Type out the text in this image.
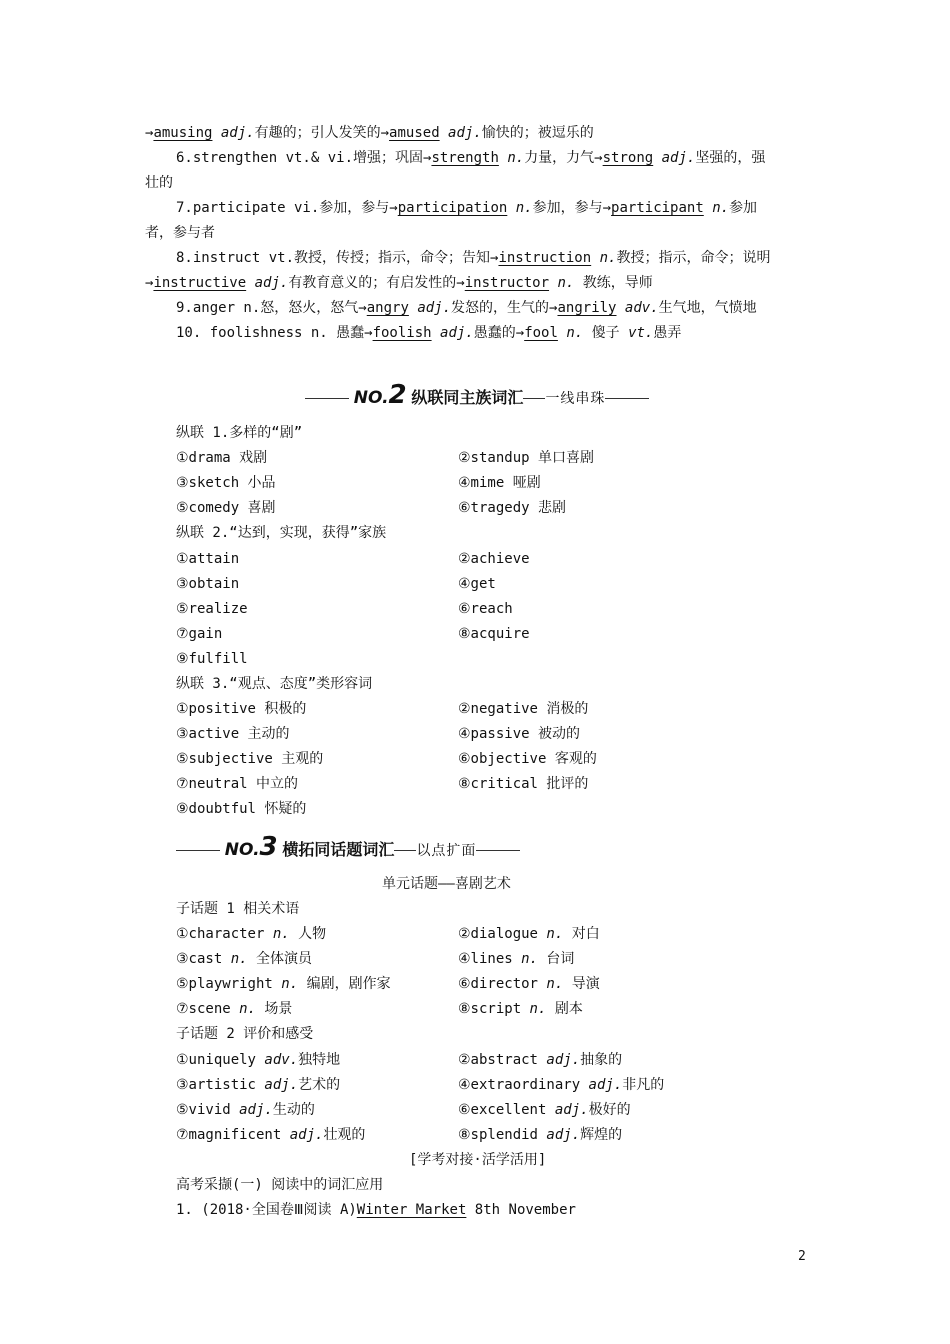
→amusing adj.有趣的；引人发笑的→amused adj.愉快的；被逗乐的
6.strengthen vt.& vi.增强；巩固→strength n.力量，力气→strong adj.坚强的，强
壮的
7.participate vi.参加，参与→participation n.参加，参与→participant n.参加
者，参与者
8.instruct vt.教授，传授；指示，命令；告知→instruction n.教授；指示，命令；说明
→instructive adj.有教育意义的；有启发性的→instructor n. 教练，导师
9.anger n.怒，怒火，怒气→angry adj.发怒的，生气的→angrily adv.生气地，气愤地
10. foolishness n. 愚蠢→foolish adj.愚蠢的→fool n. 傻子 vt.愚弄
NO.2 纵联同主族词汇 一线串珠
纵联 1.多样的“剧”
①drama 戏剧	②standup 单口喜剧
③sketch 小品	④mime 哑剧
⑤comedy 喜剧	⑥tragedy 悲剧
纵联 2.“达到，实现，获得”家族
①attain	②achieve
③obtain	④get
⑤realize	⑥reach
⑦gain	⑧acquire
⑨fulfill
纵联 3.“观点、态度”类形容词
①positive 积极的	②negative 消极的
③active 主动的	④passive 被动的
⑤subjective 主观的	⑥objective 客观的
⑦neutral 中立的	⑧critical 批评的
⑨doubtful 怀疑的
NO.3 横拓同话题词汇 以点扩面
单元话题——喜剧艺术
子话题 1 相关术语
①character n. 人物	②dialogue n. 对白
③cast n. 全体演员	④lines n. 台词
⑤playwright n. 编剧，剧作家	⑥director n. 导演
⑦scene n. 场景	⑧script n. 剧本
子话题 2 评价和感受
①uniquely adv.独特地	②abstract adj.抽象的
③artistic adj.艺术的	④extraordinary adj.非凡的
⑤vivid adj.生动的	⑥excellent adj.极好的
⑦magnificent adj.壮观的	⑧splendid adj.辉煌的
[学考对接·活学活用]
高考采撷(一) 阅读中的词汇应用
1. (2018·全国卷Ⅲ阅读 A)Winter Market 8th November
2
